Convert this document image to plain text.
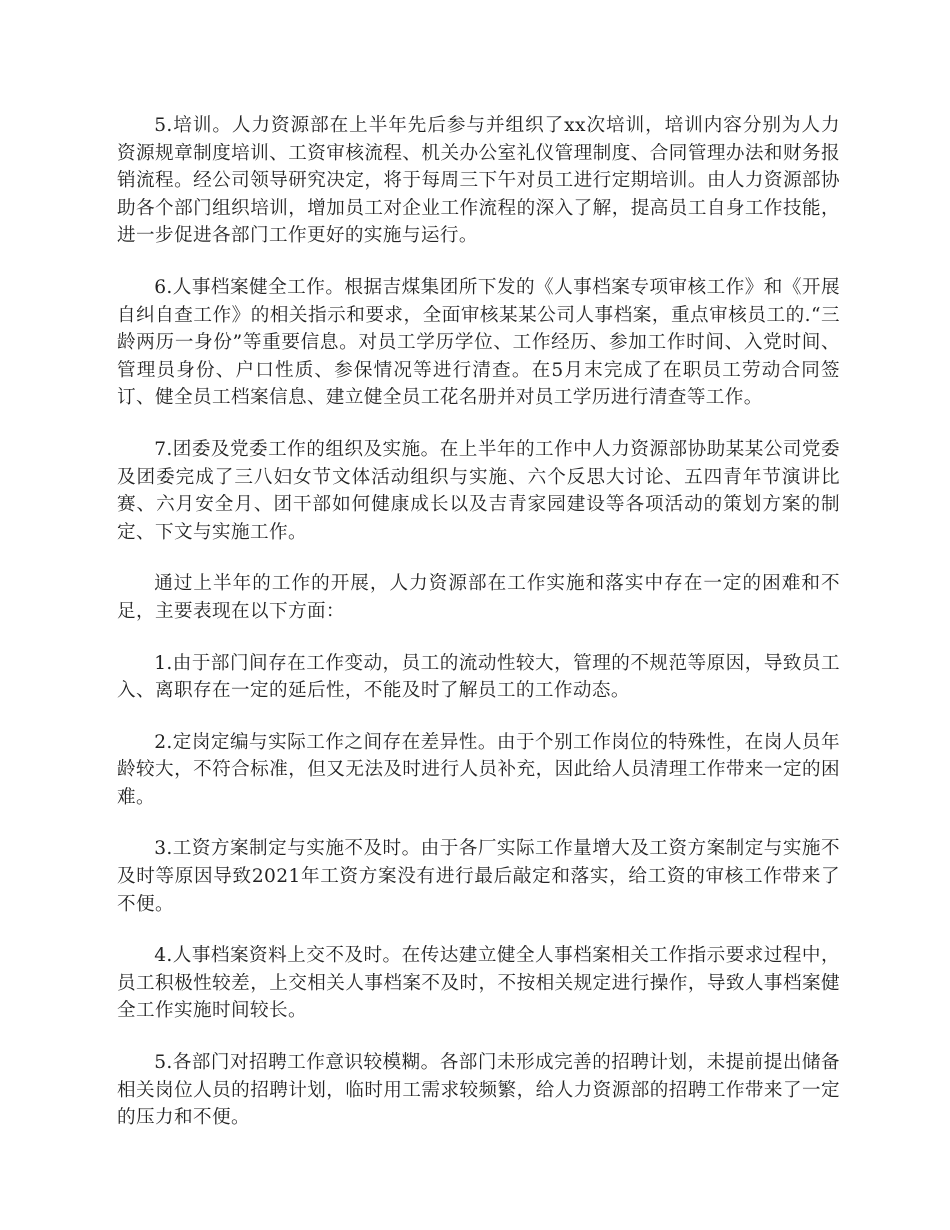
5.培训。人力资源部在上半年先后参与并组织了xx次培训，培训内容分别为人力资源规章制度培训、工资审核流程、机关办公室礼仪管理制度、合同管理办法和财务报销流程。经公司领导研究决定，将于每周三下午对员工进行定期培训。由人力资源部协助各个部门组织培训，增加员工对企业工作流程的深入了解，提高员工自身工作技能，进一步促进各部门工作更好的实施与运行。

6.人事档案健全工作。根据吉煤集团所下发的《人事档案专项审核工作》和《开展自纠自查工作》的相关指示和要求，全面审核某某公司人事档案，重点审核员工的.“三龄两历一身份”等重要信息。对员工学历学位、工作经历、参加工作时间、入党时间、管理员身份、户口性质、参保情况等进行清查。在5月末完成了在职员工劳动合同签订、健全员工档案信息、建立健全员工花名册并对员工学历进行清查等工作。

7.团委及党委工作的组织及实施。在上半年的工作中人力资源部协助某某公司党委及团委完成了三八妇女节文体活动组织与实施、六个反思大讨论、五四青年节演讲比赛、六月安全月、团干部如何健康成长以及吉青家园建设等各项活动的策划方案的制定、下文与实施工作。

通过上半年的工作的开展，人力资源部在工作实施和落实中存在一定的困难和不足，主要表现在以下方面：

1.由于部门间存在工作变动，员工的流动性较大，管理的不规范等原因，导致员工入、离职存在一定的延后性，不能及时了解员工的工作动态。

2.定岗定编与实际工作之间存在差异性。由于个别工作岗位的特殊性，在岗人员年龄较大，不符合标准，但又无法及时进行人员补充，因此给人员清理工作带来一定的困难。

3.工资方案制定与实施不及时。由于各厂实际工作量增大及工资方案制定与实施不及时等原因导致2021年工资方案没有进行最后敲定和落实，给工资的审核工作带来了不便。

4.人事档案资料上交不及时。在传达建立健全人事档案相关工作指示要求过程中，员工积极性较差，上交相关人事档案不及时，不按相关规定进行操作，导致人事档案健全工作实施时间较长。

5.各部门对招聘工作意识较模糊。各部门未形成完善的招聘计划，未提前提出储备相关岗位人员的招聘计划，临时用工需求较频繁，给人力资源部的招聘工作带来了一定的压力和不便。
